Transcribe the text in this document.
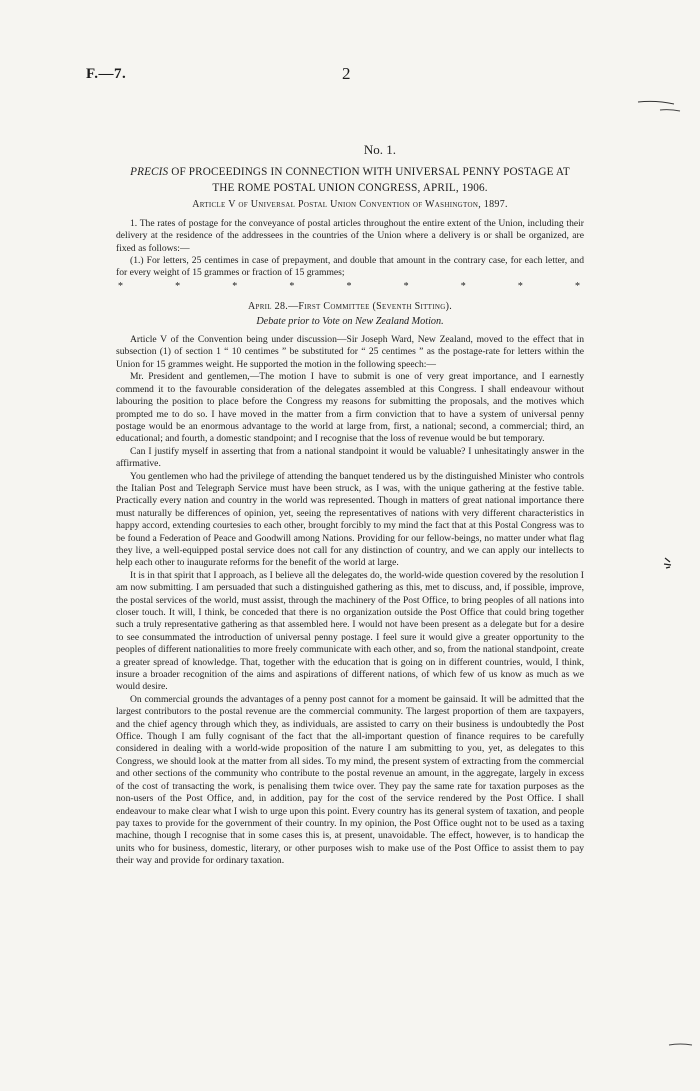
F.—7.	2
No. 1.
PRECIS OF PROCEEDINGS IN CONNECTION WITH UNIVERSAL PENNY POSTAGE AT
THE ROME POSTAL UNION CONGRESS, APRIL, 1906.
Article V of Universal Postal Union Convention of Washington, 1897.

1. The rates of postage for the conveyance of postal articles throughout the entire extent of the Union, including their delivery at the residence of the addressees in the countries of the Union where a delivery is or shall be organized, are fixed as follows:—

(1.) For letters, 25 centimes in case of prepayment, and double that amount in the contrary case, for each letter, and for every weight of 15 grammes or fraction of 15 grammes;

*	*	*	*	*	*	*	*	*
April 28.—First Committee (Seventh Sitting).
Debate prior to Vote on New Zealand Motion.

Article V of the Convention being under discussion—Sir Joseph Ward, New Zealand, moved to the effect that in subsection (1) of section 1 “ 10 centimes ” be substituted for “ 25 centimes ” as the postage-rate for letters within the Union for 15 grammes weight. He supported the motion in the following speech:—

Mr. President and gentlemen,—The motion I have to submit is one of very great importance, and I earnestly commend it to the favourable consideration of the delegates assembled at this Congress. I shall endeavour without labouring the position to place before the Congress my reasons for submitting the proposals, and the motives which prompted me to do so. I have moved in the matter from a firm conviction that to have a system of universal penny postage would be an enormous advantage to the world at large from, first, a national; second, a commercial; third, an educational; and fourth, a domestic standpoint; and I recognise that the loss of revenue would be but temporary.

Can I justify myself in asserting that from a national standpoint it would be valuable? I unhesitatingly answer in the affirmative.

You gentlemen who had the privilege of attending the banquet tendered us by the distinguished Minister who controls the Italian Post and Telegraph Service must have been struck, as I was, with the unique gathering at the festive table. Practically every nation and country in the world was represented. Though in matters of great national importance there must naturally be differences of opinion, yet, seeing the representatives of nations with very different characteristics in happy accord, extending courtesies to each other, brought forcibly to my mind the fact that at this Postal Congress was to be found a Federation of Peace and Goodwill among Nations. Providing for our fellow-beings, no matter under what flag they live, a well-equipped postal service does not call for any distinction of country, and we can apply our intellects to help each other to inaugurate reforms for the benefit of the world at large.

It is in that spirit that I approach, as I believe all the delegates do, the world-wide question covered by the resolution I am now submitting. I am persuaded that such a distinguished gathering as this, met to discuss, and, if possible, improve, the postal services of the world, must assist, through the machinery of the Post Office, to bring peoples of all nations into closer touch. It will, I think, be conceded that there is no organization outside the Post Office that could bring together such a truly representative gathering as that assembled here. I would not have been present as a delegate but for a desire to see consummated the introduction of universal penny postage. I feel sure it would give a greater opportunity to the peoples of different nationalities to more freely communicate with each other, and so, from the national standpoint, create a greater spread of knowledge. That, together with the education that is going on in different countries, would, I think, insure a broader recognition of the aims and aspirations of different nations, of which few of us know as much as we would desire.

On commercial grounds the advantages of a penny post cannot for a moment be gainsaid. It will be admitted that the largest contributors to the postal revenue are the commercial community. The largest proportion of them are taxpayers, and the chief agency through which they, as individuals, are assisted to carry on their business is undoubtedly the Post Office. Though I am fully cognisant of the fact that the all-important question of finance requires to be carefully considered in dealing with a world-wide proposition of the nature I am submitting to you, yet, as delegates to this Congress, we should look at the matter from all sides. To my mind, the present system of extracting from the commercial and other sections of the community who contribute to the postal revenue an amount, in the aggregate, largely in excess of the cost of transacting the work, is penalising them twice over. They pay the same rate for taxation purposes as the non-users of the Post Office, and, in addition, pay for the cost of the service rendered by the Post Office. I shall endeavour to make clear what I wish to urge upon this point. Every country has its general system of taxation, and people pay taxes to provide for the government of their country. In my opinion, the Post Office ought not to be used as a taxing machine, though I recognise that in some cases this is, at present, unavoidable. The effect, however, is to handicap the units who for business, domestic, literary, or other purposes wish to make use of the Post Office to assist them to pay their way and provide for ordinary taxation.
